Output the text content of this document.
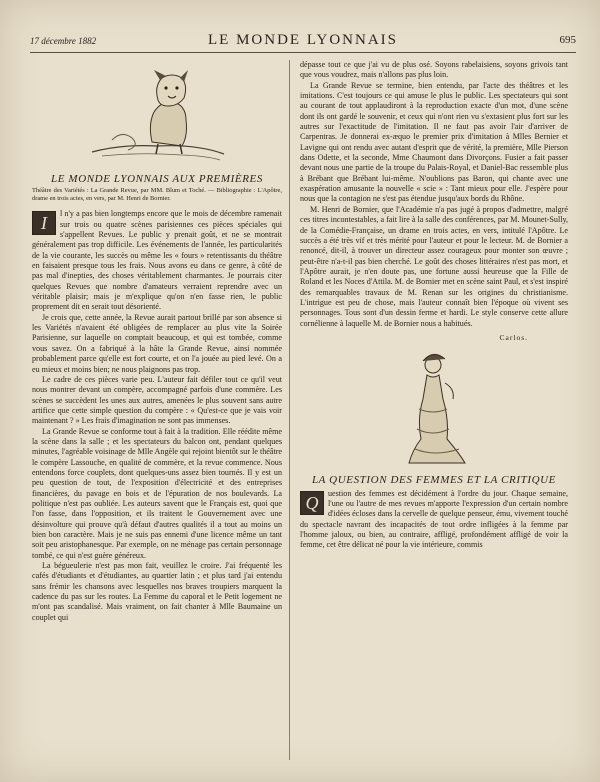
17 décembre 1882	LE MONDE LYONNAIS	695
LE MONDE LYONNAIS AUX PREMIÈRES
Théâtre des Variétés : La Grande Revue, par MM. Blum et Toché. — Bibliographie : L'Apôtre, drame en trois actes, en vers, par M. Henri de Bornier.
I	l n'y a pas bien longtemps encore que le mois de décembre ramenait sur trois ou quatre scènes parisiennes ces pièces spéciales qui s'appellent Revues. Le public y prenait goût, et ne se montrait généralement pas trop difficile. Les événements de l'année, les particularités de la vie courante, les succès ou même les « fours » retentissants du théâtre en faisaient presque tous les frais. Nous avons eu dans ce genre, à côté de pas mal d'inepties, des choses véritablement charmantes. Je pourrais citer quelques Revues que nombre d'amateurs verraient reprendre avec un véritable plaisir; mais je m'explique qu'on n'en fasse rien, le public proprement dit en serait tout désorienté.

Je crois que, cette année, la Revue aurait partout brillé par son absence si les Variétés n'avaient été obligées de remplacer au plus vite la Soirée Parisienne, sur laquelle on comptait beaucoup, et qui est tombée, comme vous savez. On a fabriqué à la hâte la Grande Revue, ainsi nommée probablement parce qu'elle est fort courte, et on l'a jouée au pied levé. On a eu mieux et moins bien; ne nous plaignons pas trop.

Le cadre de ces pièces varie peu. L'auteur fait défiler tout ce qu'il veut nous montrer devant un compère, accompagné parfois d'une commère. Les scènes se succèdent les unes aux autres, amenées le plus souvent sans autre artifice que cette simple question du compère : « Qu'est-ce que je vais voir maintenant ? » Les frais d'imagination ne sont pas immenses.

La Grande Revue se conforme tout à fait à la tradition. Elle réédite même la scène dans la salle ; et les spectateurs du balcon ont, pendant quelques minutes, l'agréable voisinage de Mlle Angèle qui rejoint bientôt sur le théâtre le compère Lassouche, en qualité de commère, et la revue commence. Nous entendons force couplets, dont quelques-uns assez bien tournés. Il y est un peu question de tout, de l'exposition d'électricité et des entreprises financières, du pavage en bois et de l'épuration de nos boulevards. La politique n'est pas oubliée. Les auteurs savent que le Français est, quoi que l'on fasse, dans l'opposition, et ils traitent le Gouvernement avec une désinvolture qui prouve qu'à défaut d'autres qualités il a tout au moins un bien bon caractère. Mais je ne suis pas ennemi d'une licence même un tant soit peu aristophanesque. Par exemple, on ne ménage pas certain personnage tombé, ce qui n'est guère généreux.

La bégueulerie n'est pas mon fait, veuillez le croire. J'ai fréquenté les cafés d'étudiants et d'étudiantes, au quartier latin ; et plus tard j'ai entendu sans frémir les chansons avec lesquelles nos braves troupiers marquent la cadence du pas sur les routes. La Femme du caporal et le Petit logement ne m'ont pas scandalisé. Mais vraiment, on fait chanter à Mlle Baumaine un couplet qui

dépasse tout ce que j'ai vu de plus osé. Soyons rabelaisiens, soyons grivois tant que vous voudrez, mais n'allons pas plus loin.

La Grande Revue se termine, bien entendu, par l'acte des théâtres et les imitations. C'est toujours ce qui amuse le plus le public. Les spectateurs qui sont au courant de tout applaudiront à la reproduction exacte d'un mot, d'une scène dont ils ont gardé le souvenir, et ceux qui n'ont rien vu s'extasient plus fort sur les autres sur l'exactitude de l'imitation. Il ne faut pas avoir l'air d'arriver de Carpentras. Je donnerai ex-æquo le premier prix d'imitation à Mlles Bernier et Lavigne qui ont rendu avec autant d'esprit que de vérité, la première, Mlle Pierson dans Odette, et la seconde, Mme Chaumont dans Divorçons. Fusier a fait passer devant nous une partie de la troupe du Palais-Royal, et Daniel-Bac ressemble plus à Brébant que Brébant lui-même. N'oublions pas Baron, qui chante avec une exaspération amusante la nouvelle « scie » : Tant mieux pour elle. J'espère pour nous que la contagion ne s'est pas étendue jusqu'aux bords du Rhône.

M. Henri de Bornier, que l'Académie n'a pas jugé à propos d'admettre, malgré ces titres incontestables, a fait lire à la salle des conférences, par M. Mounet-Sully, de la Comédie-Française, un drame en trois actes, en vers, intitulé l'Apôtre. Le succès a été très vif et très mérité pour l'auteur et pour le lecteur. M. de Bornier a renoncé, dit-il, à trouver un directeur assez courageux pour monter son œuvre ; peut-être n'a-t-il pas bien cherché. Le goût des choses littéraires n'est pas mort, et l'Apôtre aurait, je n'en doute pas, une fortune aussi heureuse que la Fille de Roland et les Noces d'Attila. M. de Bornier met en scène saint Paul, et s'est inspiré des remarquables travaux de M. Renan sur les origines du christianisme. L'intrigue est peu de chose, mais l'auteur connaît bien l'époque où vivent ses personnages. Tous sont d'un dessin ferme et hardi. Le style conserve cette allure cornélienne à laquelle M. de Bornier nous a habitués.

Carlos.
LA QUESTION DES FEMMES ET LA CRITIQUE
Q	uestion des femmes est décidément à l'ordre du jour. Chaque semaine, l'une ou l'autre de mes revues m'apporte l'expression d'un certain nombre d'idées écloses dans la cervelle de quelque penseur, ému, vivement touché du spectacle navrant des incapacités de tout ordre infligées à la femme par l'homme jaloux, ou bien, au contraire, affligé, profondément affligé de voir la femme, cet être délicat né pour la vie intérieure, commis
